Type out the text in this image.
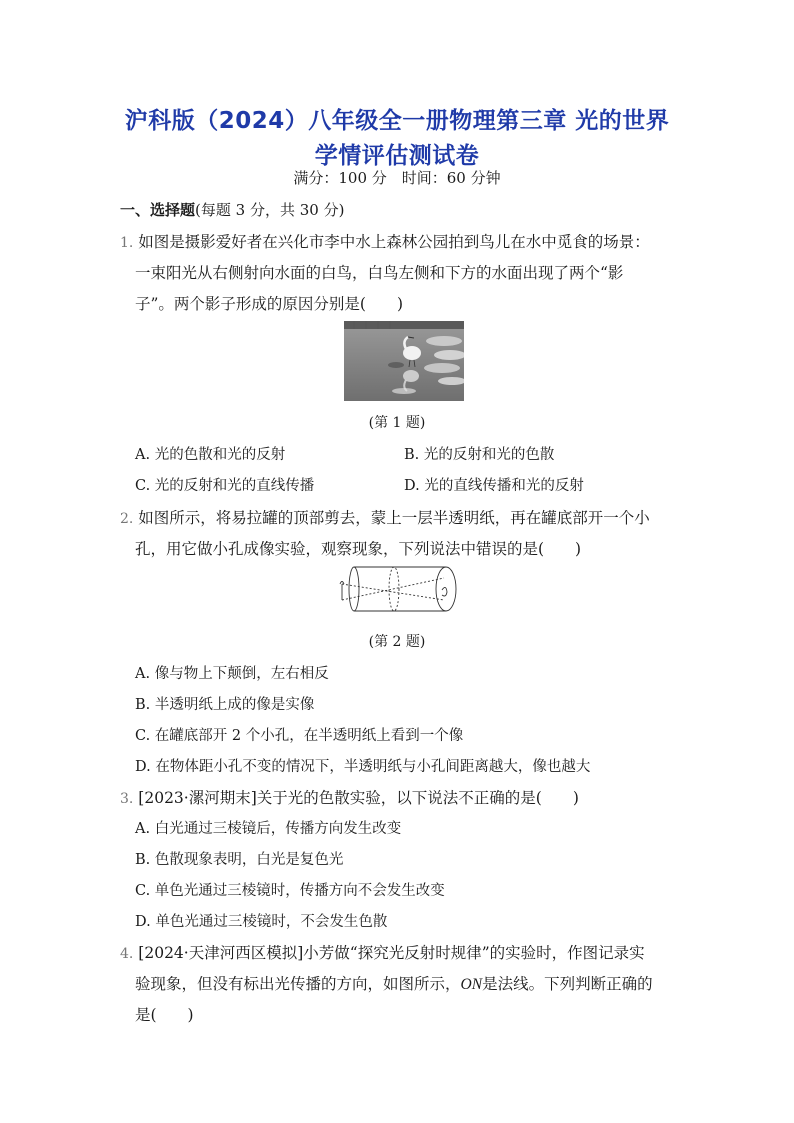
沪科版（2024）八年级全一册物理第三章 光的世界
学情评估测试卷
满分：100 分　时间：60 分钟
一、选择题(每题 3 分，共 30 分)
1. 如图是摄影爱好者在兴化市李中水上森林公园拍到鸟儿在水中觅食的场景：
一束阳光从右侧射向水面的白鸟，白鸟左侧和下方的水面出现了两个“影
子”。两个影子形成的原因分别是(　　)
(第 1 题)
A. 光的色散和光的反射	B. 光的反射和光的色散
C. 光的反射和光的直线传播	D. 光的直线传播和光的反射
2. 如图所示，将易拉罐的顶部剪去，蒙上一层半透明纸，再在罐底部开一个小
孔，用它做小孔成像实验，观察现象，下列说法中错误的是(　　)
(第 2 题)
A. 像与物上下颠倒，左右相反
B. 半透明纸上成的像是实像
C. 在罐底部开 2 个小孔，在半透明纸上看到一个像
D. 在物体距小孔不变的情况下，半透明纸与小孔间距离越大，像也越大
3. [2023·漯河期末]关于光的色散实验，以下说法不正确的是(　　)
A. 白光通过三棱镜后，传播方向发生改变
B. 色散现象表明，白光是复色光
C. 单色光通过三棱镜时，传播方向不会发生改变
D. 单色光通过三棱镜时，不会发生色散
4. [2024·天津河西区模拟]小芳做“探究光反射时规律”的实验时，作图记录实
验现象，但没有标出光传播的方向，如图所示，ON是法线。下列判断正确的
是(　　)
